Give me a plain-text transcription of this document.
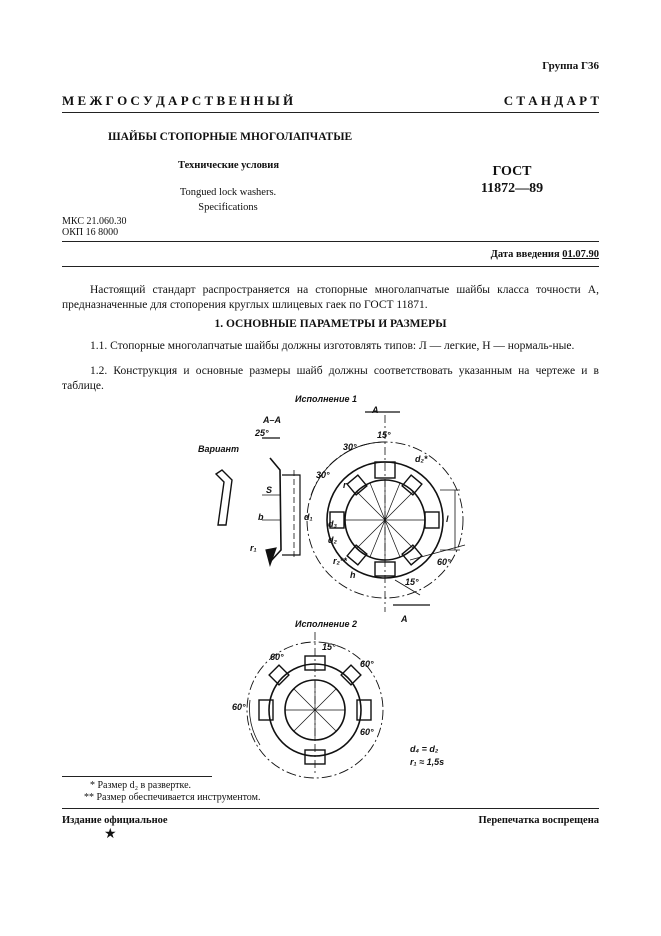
Группа Г36
М Е Ж Г О С У Д А Р С Т В Е Н Н Ы Й	С Т А Н Д А Р Т
ШАЙБЫ СТОПОРНЫЕ МНОГОЛАПЧАТЫЕ
Технические условия	ГОСТ
11872—89
Tongued lock washers.
Specifications
МКС 21.060.30
ОКП 16 8000
Дата введения 01.07.90
Настоящий стандарт распространяется на стопорные многолапчатые шайбы класса точности А, предназначенные для стопорения круглых шлицевых гаек по ГОСТ 11871.
1. ОСНОВНЫЕ ПАРАМЕТРЫ И РАЗМЕРЫ
1.1. Стопорные многолапчатые шайбы должны изготовлять типов: Л — легкие, Н — нормаль-ные.
1.2. Конструкция и основные размеры шайб должны соответствовать указанным на чертеже и в таблице.
Исполнение 1
А–А
Вариант
А
А
25°
30°
15°
30°
60°
15°
S
b
r₁
d₁
d₃
d₂
r₂**
r
h
l
d₂*
Исполнение 2
15°
60°
60°
60°
60°
d₄ = d₂
r₁ ≈ 1,5s
* Размер d₂ в развертке.
** Размер обеспечивается инструментом.
Издание официальное	Перепечатка воспрещена
★
